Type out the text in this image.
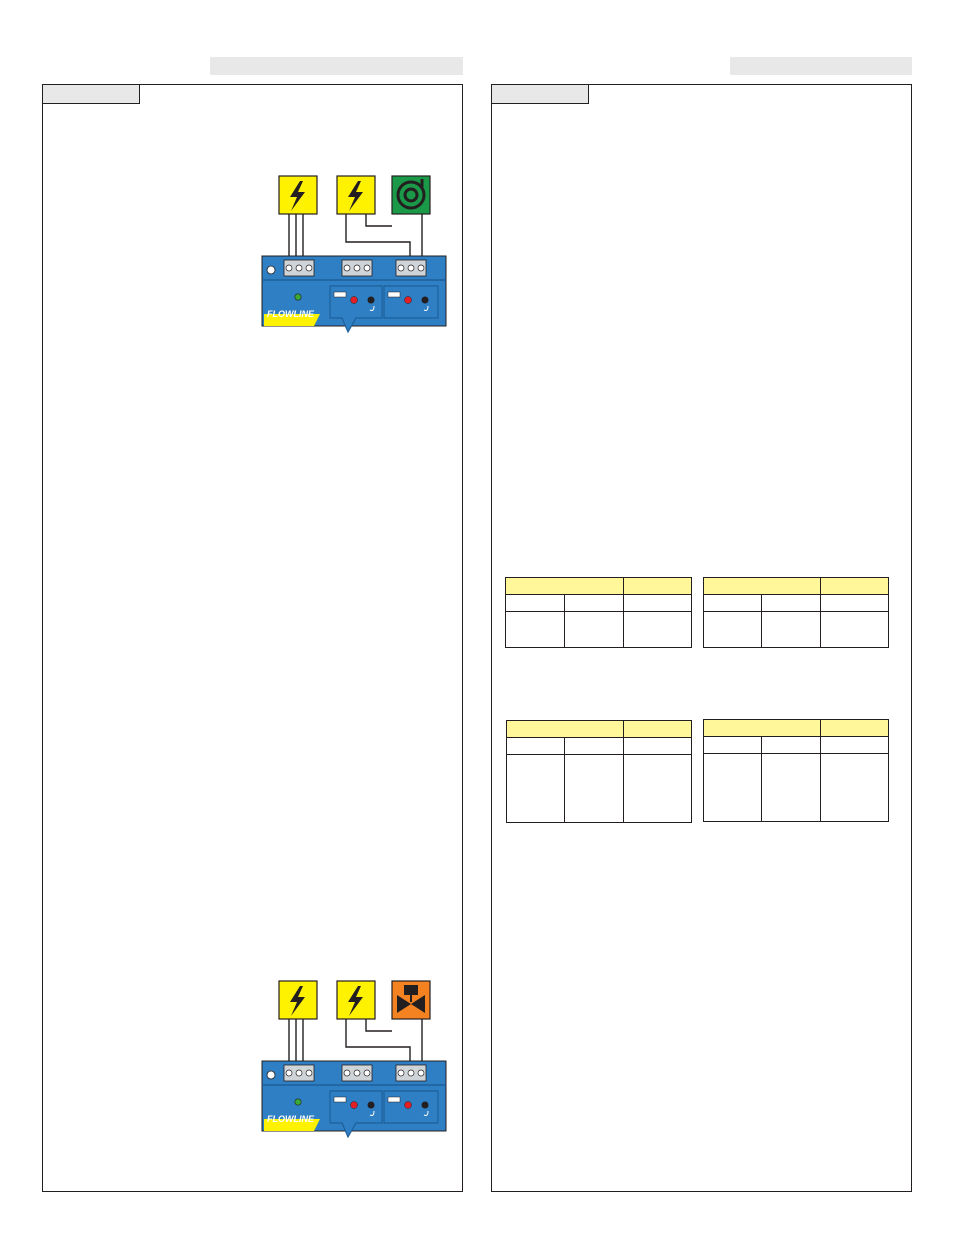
FLOWLINE
FLOWLINE
